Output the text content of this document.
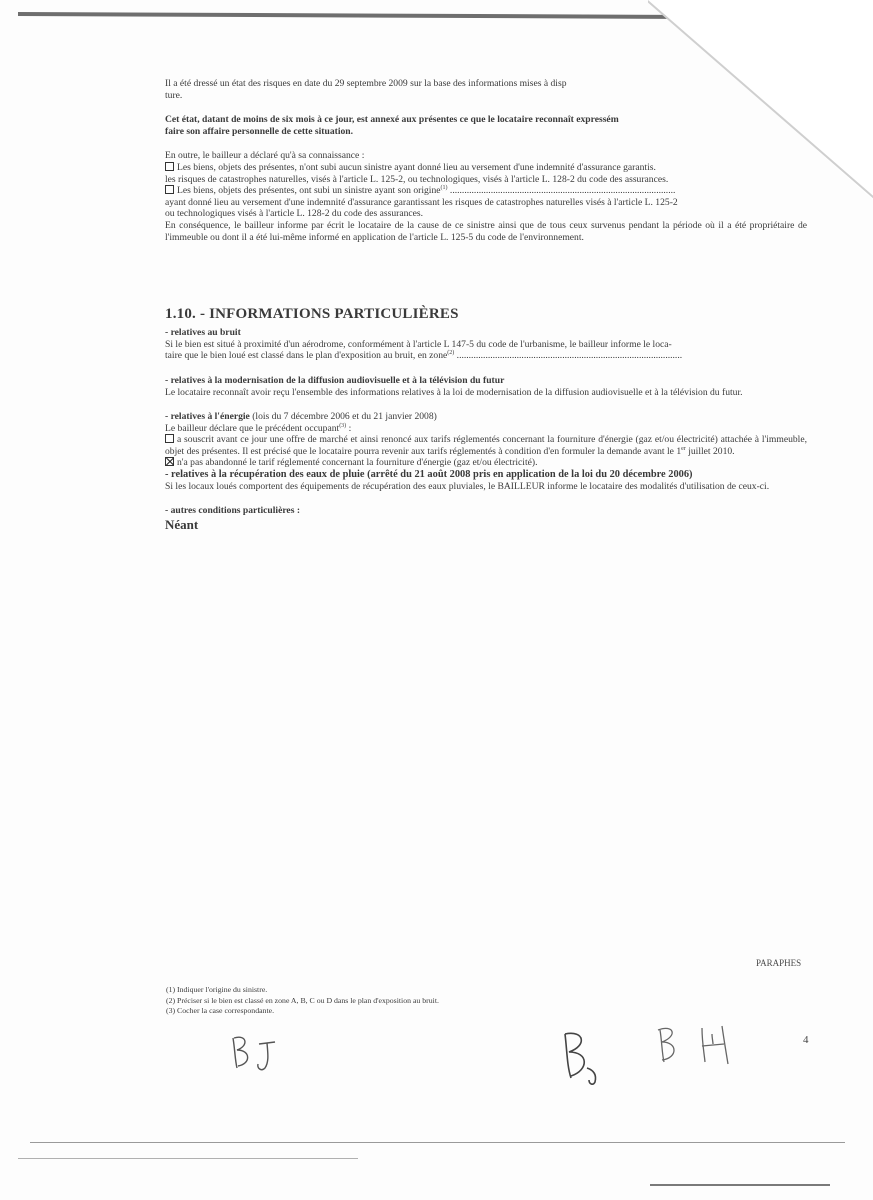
Il a été dressé un état des risques en date du 29 septembre 2009 sur la base des informations mises à disp
ture.

Cet état, datant de moins de six mois à ce jour, est annexé aux présentes ce que le locataire reconnaît expressém
faire son affaire personnelle de cette situation.

En outre, le bailleur a déclaré qu'à sa connaissance :

Les biens, objets des présentes, n'ont subi aucun sinistre ayant donné lieu au versement d'une indemnité d'assurance garantis.
les risques de catastrophes naturelles, visés à l'article L. 125-2, ou technologiques, visés à l'article L. 128-2 du code des assurances.

Les biens, objets des présentes, ont subi un sinistre ayant son origine$^{(1)}$ ..............................................................................................
ayant donné lieu au versement d'une indemnité d'assurance garantissant les risques de catastrophes naturelles visés à l'article L. 125-2
ou technologiques visés à l'article L. 128-2 du code des assurances.

En conséquence, le bailleur informe par écrit le locataire de la cause de ce sinistre ainsi que de tous ceux survenus pendant la période où il a été propriétaire de l'immeuble ou dont il a été lui-même informé en application de l'article L. 125-5 du code de l'environnement.

1.10. - INFORMATIONS PARTICULIÈRES

- relatives au bruit

Si le bien est situé à proximité d'un aérodrome, conformément à l'article L 147-5 du code de l'urbanisme, le bailleur informe le loca-
taire que le bien loué est classé dans le plan d'exposition au bruit, en zone$^{(2)}$ ..............................................................................................

- relatives à la modernisation de la diffusion audiovisuelle et à la télévision du futur

Le locataire reconnaît avoir reçu l'ensemble des informations relatives à la loi de modernisation de la diffusion audiovisuelle et à la télévision du futur.

- relatives à l'énergie (lois du 7 décembre 2006 et du 21 janvier 2008)

Le bailleur déclare que le précédent occupant$^{(3)}$ :

a souscrit avant ce jour une offre de marché et ainsi renoncé aux tarifs réglementés concernant la fourniture d'énergie (gaz et/ou électricité) attachée à l'immeuble, objet des présentes. Il est précisé que le locataire pourra revenir aux tarifs réglementés à condition d'en formuler la demande avant le 1er juillet 2010.

n'a pas abandonné le tarif réglementé concernant la fourniture d'énergie (gaz et/ou électricité).

- relatives à la récupération des eaux de pluie (arrêté du 21 août 2008 pris en application de la loi du 20 décembre 2006)

Si les locaux loués comportent des équipements de récupération des eaux pluviales, le BAILLEUR informe le locataire des modalités d'utilisation de ceux-ci.

- autres conditions particulières :

Néant

PARAPHES

(1) Indiquer l'origine du sinistre.

(2) Préciser si le bien est classé en zone A, B, C ou D dans le plan d'exposition au bruit.

(3) Cocher la case correspondante.

4
